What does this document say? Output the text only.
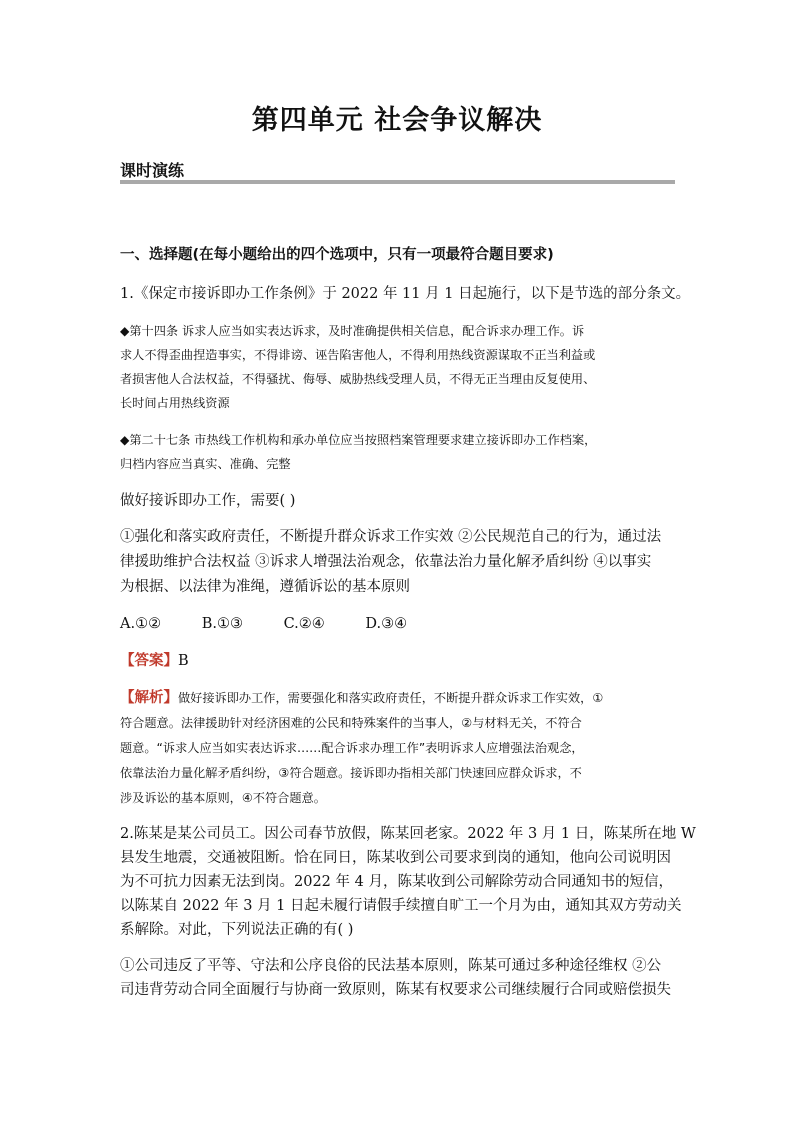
第四单元 社会争议解决
课时演练
一、选择题(在每小题给出的四个选项中，只有一项最符合题目要求)
1.《保定市接诉即办工作条例》于 2022 年 11 月 1 日起施行，以下是节选的部分条文。
◆第十四条 诉求人应当如实表达诉求，及时准确提供相关信息，配合诉求办理工作。诉
求人不得歪曲捏造事实，不得诽谤、诬告陷害他人，不得利用热线资源谋取不正当利益或
者损害他人合法权益，不得骚扰、侮辱、威胁热线受理人员，不得无正当理由反复使用、
长时间占用热线资源
◆第二十七条 市热线工作机构和承办单位应当按照档案管理要求建立接诉即办工作档案，
归档内容应当真实、准确、完整
做好接诉即办工作，需要( )
①强化和落实政府责任，不断提升群众诉求工作实效 ②公民规范自己的行为，通过法
律援助维护合法权益 ③诉求人增强法治观念，依靠法治力量化解矛盾纠纷 ④以事实
为根据、以法律为准绳，遵循诉讼的基本原则
A.①②	B.①③	C.②④	D.③④
【答案】B
【解析】做好接诉即办工作，需要强化和落实政府责任，不断提升群众诉求工作实效，①
符合题意。法律援助针对经济困难的公民和特殊案件的当事人，②与材料无关，不符合
题意。“诉求人应当如实表达诉求……配合诉求办理工作”表明诉求人应增强法治观念，
依靠法治力量化解矛盾纠纷，③符合题意。接诉即办指相关部门快速回应群众诉求，不
涉及诉讼的基本原则，④不符合题意。
2.陈某是某公司员工。因公司春节放假，陈某回老家。2022 年 3 月 1 日，陈某所在地 W
县发生地震，交通被阻断。恰在同日，陈某收到公司要求到岗的通知，他向公司说明因
为不可抗力因素无法到岗。2022 年 4 月，陈某收到公司解除劳动合同通知书的短信，
以陈某自 2022 年 3 月 1 日起未履行请假手续擅自旷工一个月为由，通知其双方劳动关
系解除。对此，下列说法正确的有( )
①公司违反了平等、守法和公序良俗的民法基本原则，陈某可通过多种途径维权 ②公
司违背劳动合同全面履行与协商一致原则，陈某有权要求公司继续履行合同或赔偿损失
